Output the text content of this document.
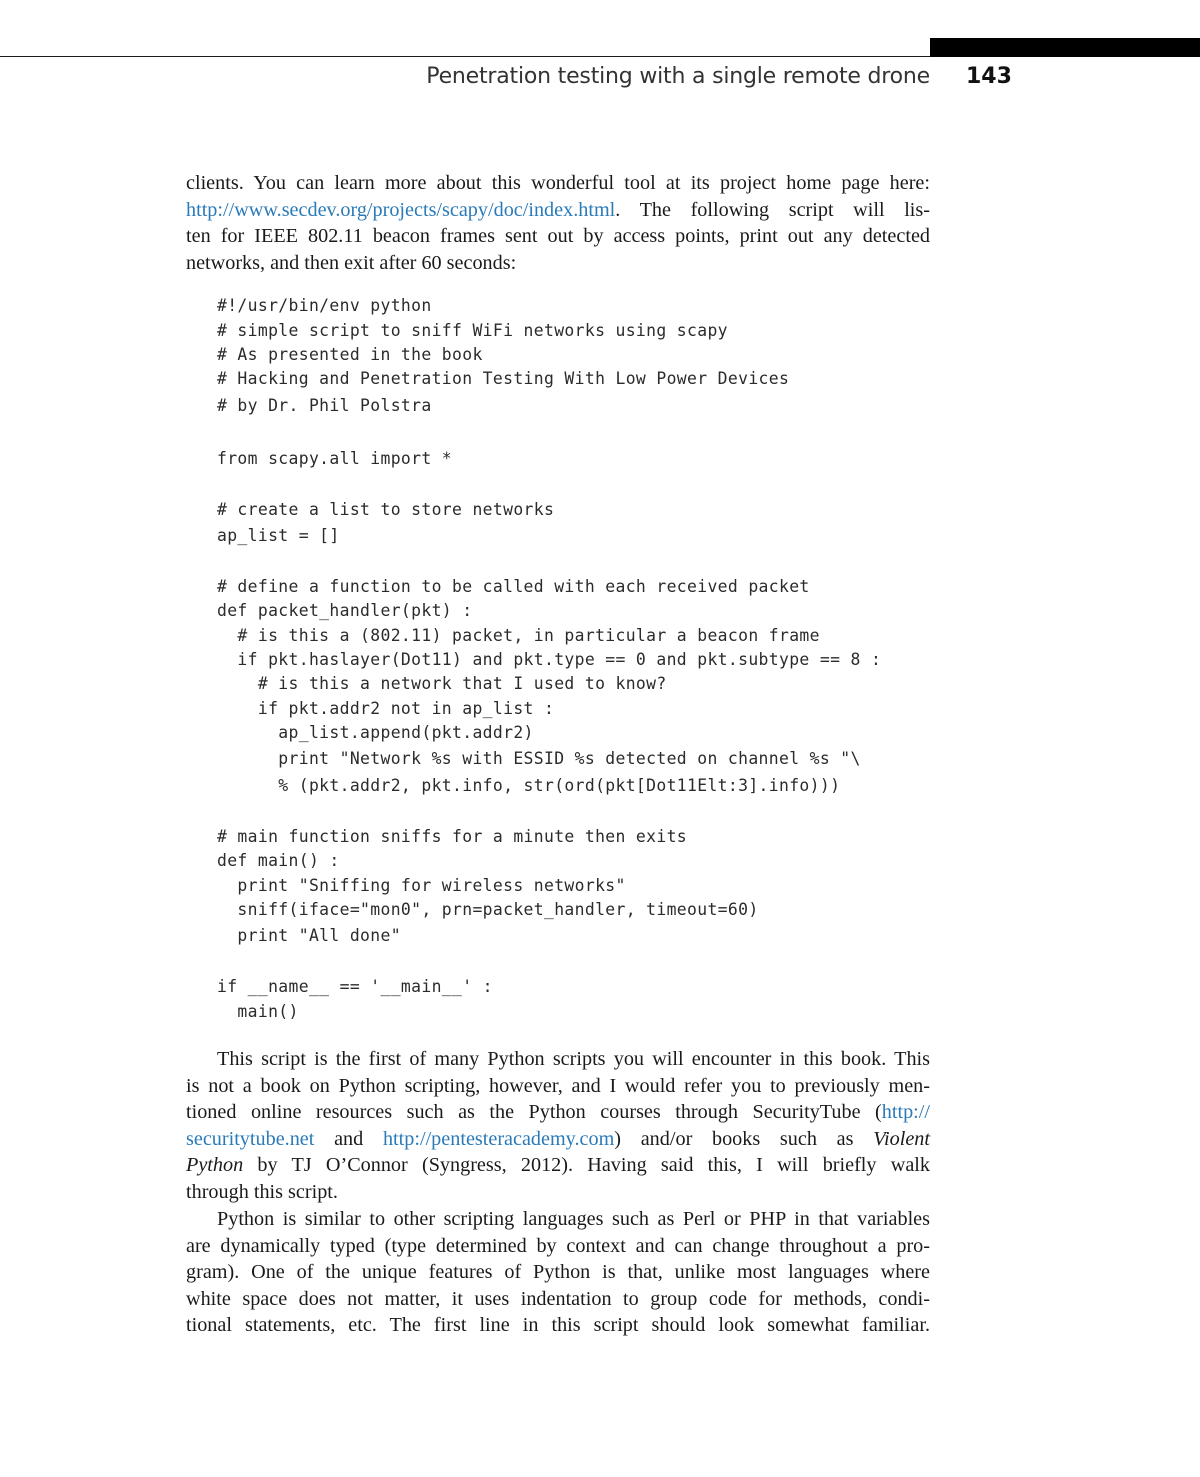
Penetration testing with a single remote drone 143
clients. You can learn more about this wonderful tool at its project home page here:
http://www.secdev.org/projects/scapy/doc/index.html. The following script will lis-
ten for IEEE 802.11 beacon frames sent out by access points, print out any detected
networks, and then exit after 60 seconds:
#!/usr/bin/env python
# simple script to sniff WiFi networks using scapy
# As presented in the book
# Hacking and Penetration Testing With Low Power Devices
# by Dr. Phil Polstra
from scapy.all import *
# create a list to store networks
ap_list = []
# define a function to be called with each received packet
def packet_handler(pkt) :
# is this a (802.11) packet, in particular a beacon frame
if pkt.haslayer(Dot11) and pkt.type == 0 and pkt.subtype == 8 :
# is this a network that I used to know?
if pkt.addr2 not in ap_list :
ap_list.append(pkt.addr2)
print "Network %s with ESSID %s detected on channel %s "\
% (pkt.addr2, pkt.info, str(ord(pkt[Dot11Elt:3].info)))
# main function sniffs for a minute then exits
def main() :
print "Sniffing for wireless networks"
sniff(iface="mon0", prn=packet_handler, timeout=60)
print "All done"
if __name__ == '__main__' :
main()
This script is the first of many Python scripts you will encounter in this book. This
is not a book on Python scripting, however, and I would refer you to previously men-
tioned online resources such as the Python courses through SecurityTube (http://
securitytube.net and http://pentesteracademy.com) and/or books such as Violent
Python by TJ O’Connor (Syngress, 2012). Having said this, I will briefly walk
through this script.
Python is similar to other scripting languages such as Perl or PHP in that variables
are dynamically typed (type determined by context and can change throughout a pro-
gram). One of the unique features of Python is that, unlike most languages where
white space does not matter, it uses indentation to group code for methods, condi-
tional statements, etc. The first line in this script should look somewhat familiar.
